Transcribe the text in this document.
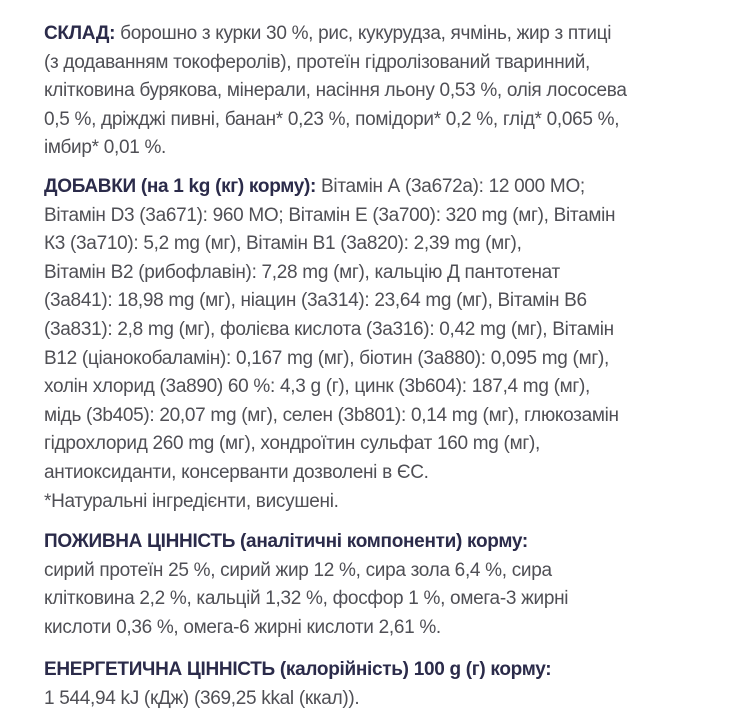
СКЛАД: борошно з курки 30 %, рис, кукурудза, ячмінь, жир з птиці
(з додаванням токоферолів), протеїн гідролізований тваринний,
клітковина бурякова, мінерали, насіння льону 0,53 %, олія лососева
0,5 %, дріжджі пивні, банан* 0,23 %, помідори* 0,2 %, глід* 0,065 %,
імбир* 0,01 %.
ДОБАВКИ (на 1 kg (кг) корму): Вітамін А (3а672а): 12 000 МО;
Вітамін D3 (3а671): 960 МО; Вітамін Е (3а700): 320 mg (мг), Вітамін
К3 (3а710): 5,2 mg (мг), Вітамін В1 (3а820): 2,39 mg (мг),
Вітамін В2 (рибофлавін): 7,28 mg (мг), кальцію Д пантотенат
(3а841): 18,98 mg (мг), ніацин (3а314): 23,64 mg (мг), Вітамін В6
(3а831): 2,8 mg (мг), фолієва кислота (3а316): 0,42 mg (мг), Вітамін
В12 (ціанокобаламін): 0,167 mg (мг), біотин (3а880): 0,095 mg (мг),
холін хлорид (3а890) 60 %: 4,3 g (г), цинк (3b604): 187,4 mg (мг),
мідь (3b405): 20,07 mg (мг), селен (3b801): 0,14 mg (мг), глюкозамін
гідрохлорид 260 mg (мг), хондроїтин сульфат 160 mg (мг),
антиоксиданти, консерванти дозволені в ЄС.
*Натуральні інгредієнти, висушені.
ПОЖИВНА ЦІННІСТЬ (аналітичні компоненти) корму:
сирий протеїн 25 %, сирий жир 12 %, сира зола 6,4 %, сира
клітковина 2,2 %, кальцій 1,32 %, фосфор 1 %, омега-3 жирні
кислоти 0,36 %, омега-6 жирні кислоти 2,61 %.
ЕНЕРГЕТИЧНА ЦІННІСТЬ (калорійність) 100 g (г) корму:
1 544,94 kJ (кДж) (369,25 kkal (ккал)).
